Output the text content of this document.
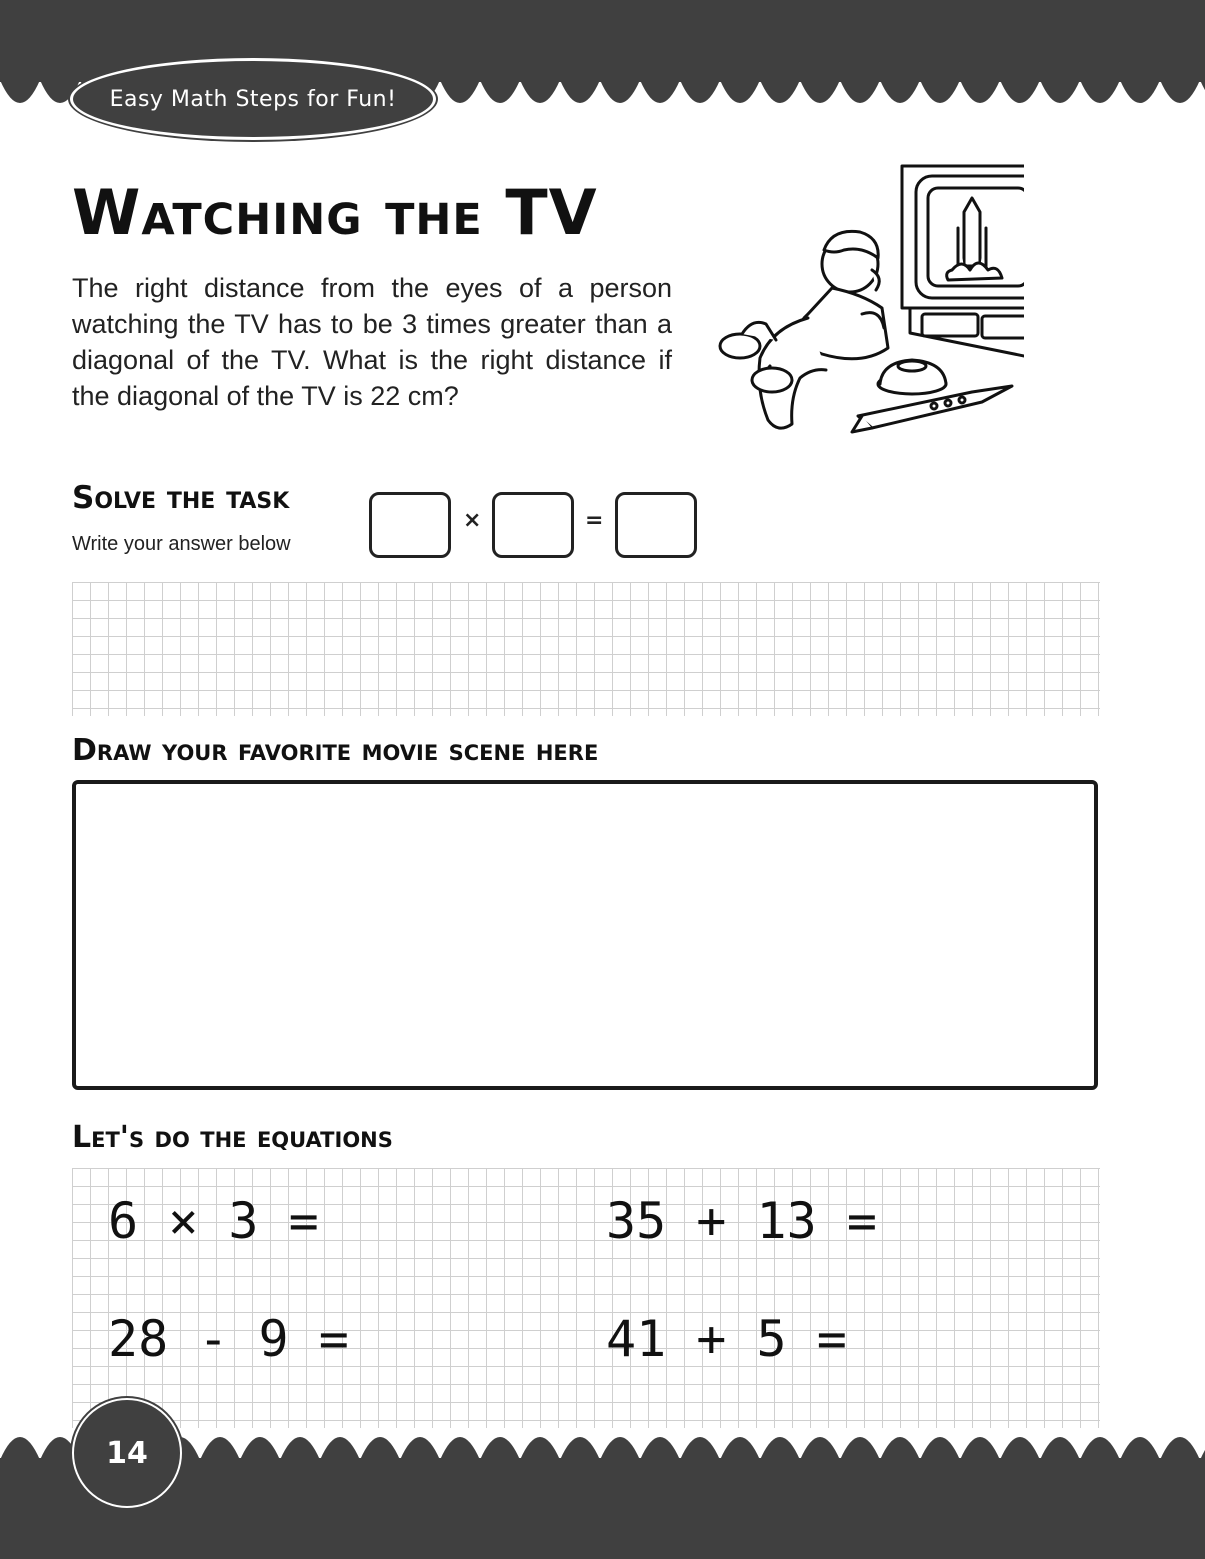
Easy Math Steps for Fun!
Watching the TV

The right distance from the eyes of a person watching the TV has to be 3 times greater than a diagonal of the TV. What is the right distance if the diagonal of the TV is 22 cm?

Solve the task

Write your answer below

×	=
Draw your favorite movie scene here
Let's do the equations

6 × 3 =	35 + 13 =

28 - 9 =	41 + 5 =

14
